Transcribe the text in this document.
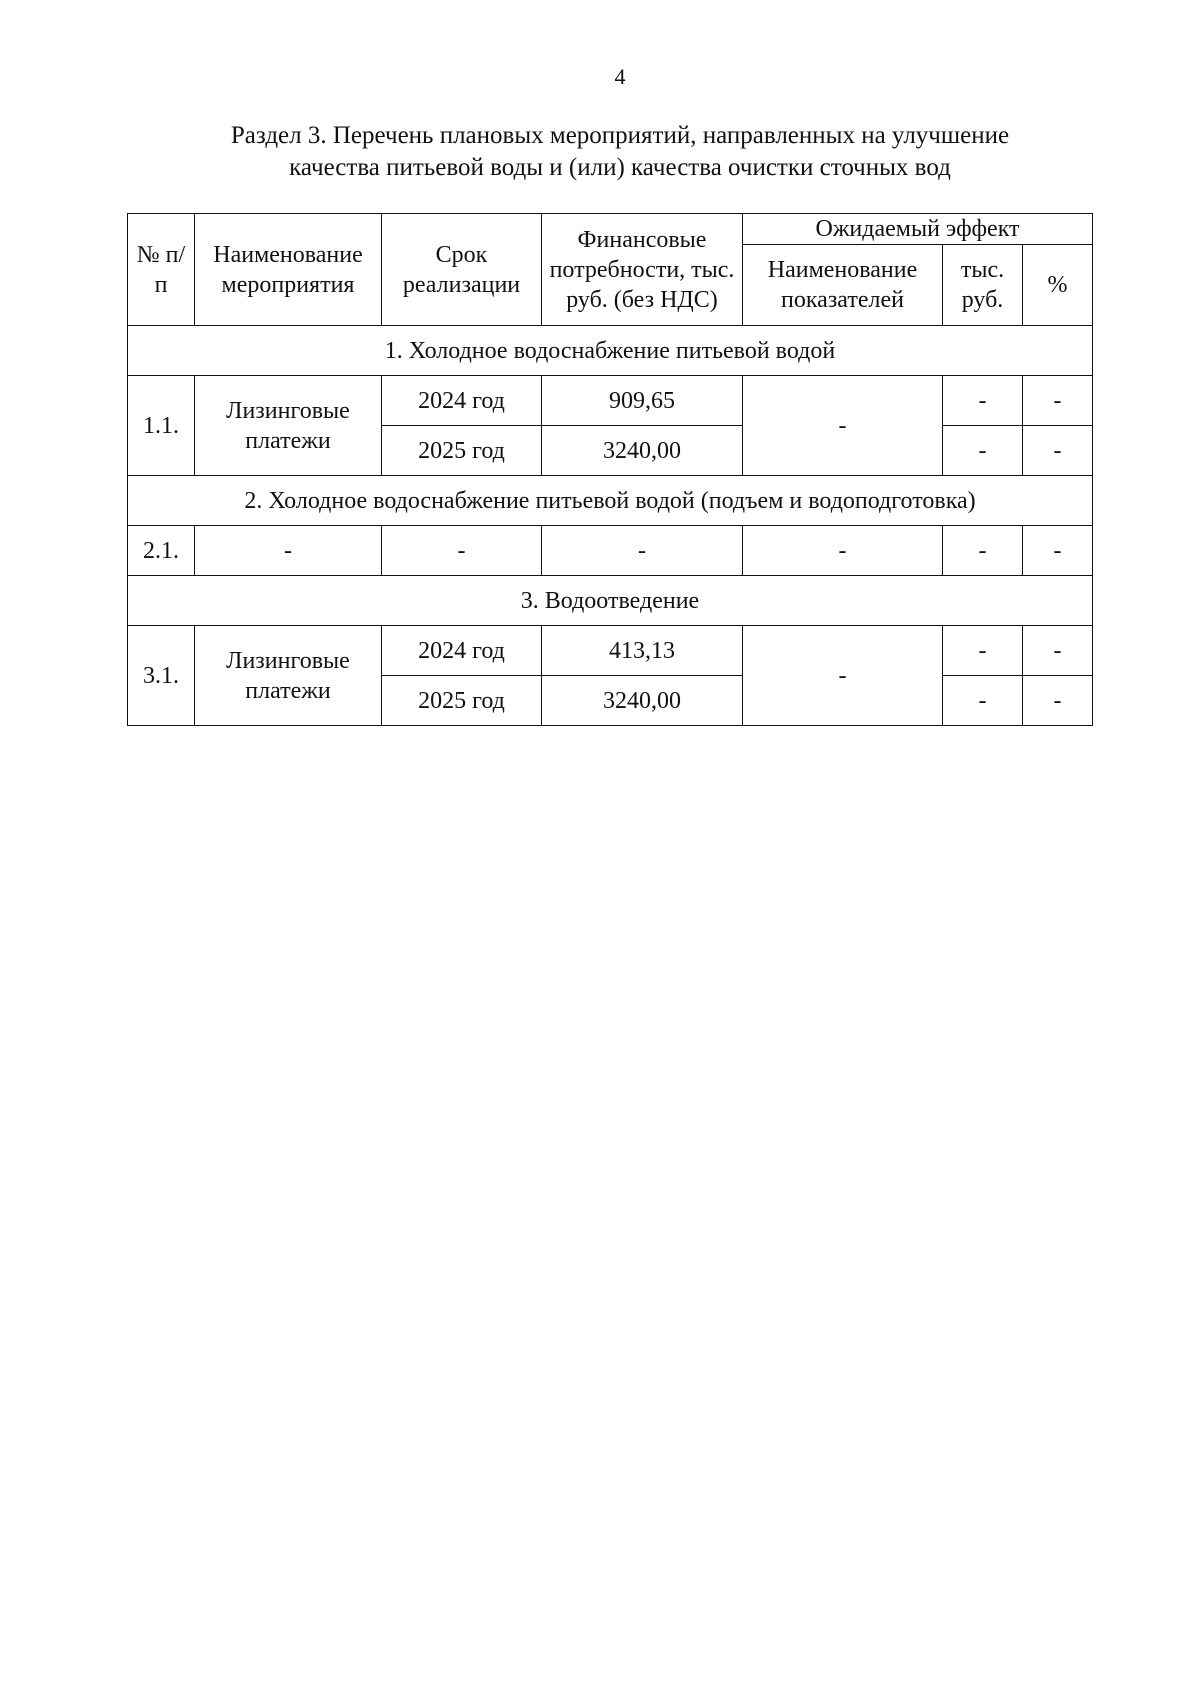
4
Раздел 3. Перечень плановых мероприятий, направленных на улучшение
качества питьевой воды и (или) качества очистки сточных вод
№ п/п	Наименование мероприятия	Срок реализации	Финансовые потребности, тыс. руб. (без НДС)	Ожидаемый эффект		
				Наименование показателей	тыс. руб.	%
1. Холодное водоснабжение питьевой водой						
1.1.	Лизинговые платежи	2024 год	909,65	-	-	-
		2025 год	3240,00		-	-
2. Холодное водоснабжение питьевой водой (подъем и водоподготовка)						
2.1.	-	-	-	-	-	-
3. Водоотведение						
3.1.	Лизинговые платежи	2024 год	413,13	-	-	-
		2025 год	3240,00		-	-
